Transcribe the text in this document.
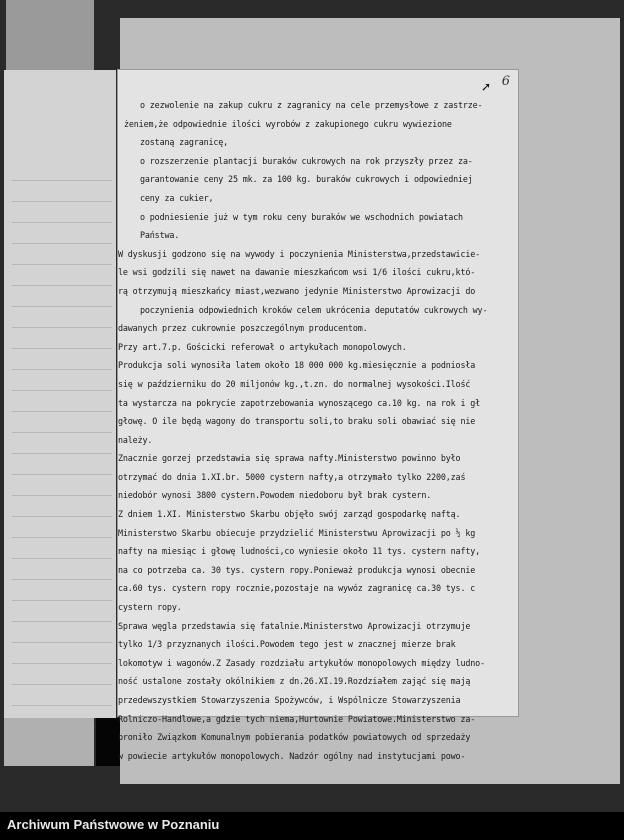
➚ 6
o zezwolenie na zakup cukru z zagranicy na cele przemysłowe z zastrze-
żeniem,że odpowiednie ilości wyrobów z zakupionego cukru wywiezione
zostaną zagranicę,
o rozszerzenie plantacji buraków cukrowych na rok przyszły przez za-
garantowanie ceny 25 mk. za 100 kg. buraków cukrowych i odpowiedniej
ceny za cukier,
o podniesienie już w tym roku ceny buraków we wschodnich powiatach
Państwa.
W dyskusji godzono się na wywody i poczynienia Ministerstwa,przedstawicie-
le wsi godzili się nawet na dawanie mieszkańcom wsi 1/6 ilości cukru,któ-
rą otrzymują mieszkańcy miast,wezwano jedynie Ministerstwo Aprowizacji do
poczynienia odpowiednich kroków celem ukrócenia deputatów cukrowych wy-
dawanych przez cukrownie poszczególnym producentom.
Przy art.7.p. Gościcki referował o artykułach monopolowych.
Produkcja soli wynosiła latem około 18 000 000 kg.miesięcznie a podniosła
się w październiku do 20 miljonów kg.,t.zn. do normalnej wysokości.Ilość
ta wystarcza na pokrycie zapotrzebowania wynoszącego ca.10 kg. na rok i gł
głowę. O ile będą wagony do transportu soli,to braku soli obawiać się nie
należy.
Znacznie gorzej przedstawia się sprawa nafty.Ministerstwo powinno było
otrzymać do dnia 1.XI.br. 5000 cystern nafty,a otrzymało tylko 2200,zaś
niedobór wynosi 3800 cystern.Powodem niedoboru był brak cystern.
Z dniem 1.XI. Ministerstwo Skarbu objęło swój zarząd gospodarkę naftą.
Ministerstwo Skarbu obiecuje przydzielić Ministerstwu Aprowizacji po ½ kg
nafty na miesiąc i głowę ludności,co wyniesie około 11 tys. cystern nafty,
na co potrzeba ca. 30 tys. cystern ropy.Ponieważ produkcja wynosi obecnie
ca.60 tys. cystern ropy rocznie,pozostaje na wywóz zagranicę ca.30 tys. c
cystern ropy.
Sprawa węgla przedstawia się fatalnie.Ministerstwo Aprowizacji otrzymuje
tylko 1/3 przyznanych ilości.Powodem tego jest w znacznej mierze brak
lokomotyw i wagonów.Z Zasady rozdziału artykułów monopolowych między ludno-
ność ustalone zostały okólnikiem z dn.26.XI.19.Rozdziałem zająć się mają
przedewszystkiem Stowarzyszenia Spożywców, i Wspólnicze Stowarzyszenia
Rolniczo-Handlowe,a gdzie tych niema,Hurtownie Powiatowe.Ministerstwo za-
broniło Związkom Komunalnym pobierania podatków powiatowych od sprzedaży
w powiecie artykułów monopolowych. Nadzór ogólny nad instytucjami powo-
Archiwum Państwowe w Poznaniu
